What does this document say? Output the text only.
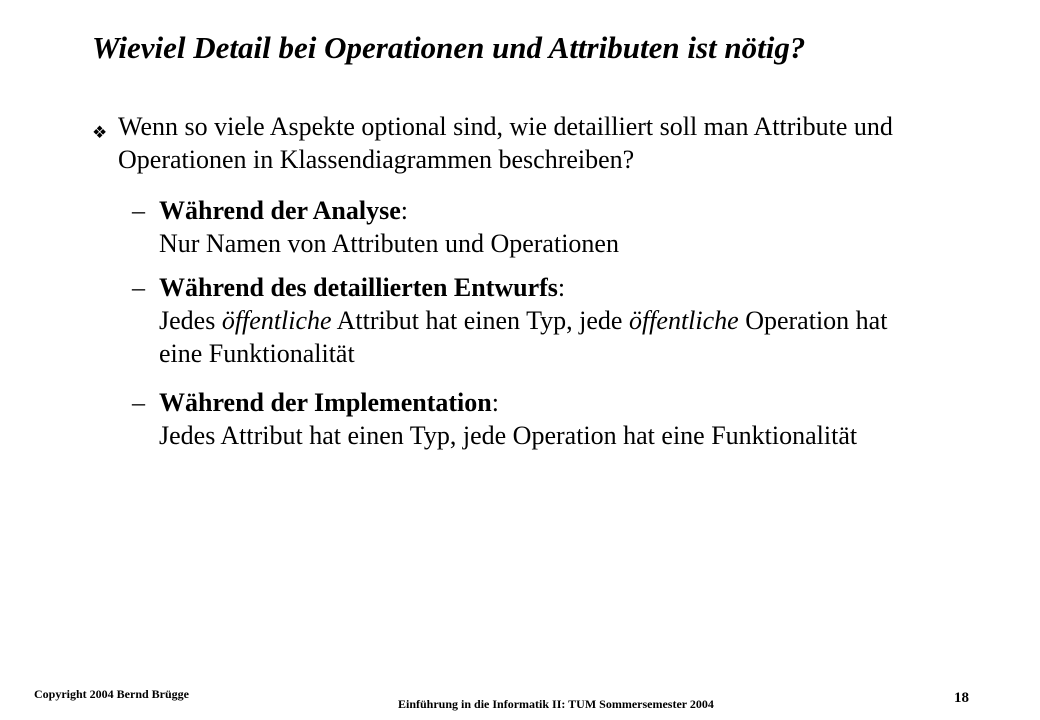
Wieviel Detail bei Operationen und Attributen ist nötig?
❖ Wenn so viele Aspekte optional sind, wie detailliert soll man Attribute und Operationen in Klassendiagrammen beschreiben?
– Während der Analyse:
Nur Namen von Attributen und Operationen
– Während des detaillierten Entwurfs:
Jedes öffentliche Attribut hat einen Typ, jede öffentliche Operation hat eine Funktionalität
– Während der Implementation:
Jedes Attribut hat einen Typ, jede Operation hat eine Funktionalität
Copyright 2004 Bernd Brügge
Einführung in die Informatik II: TUM Sommersemester 2004	18
